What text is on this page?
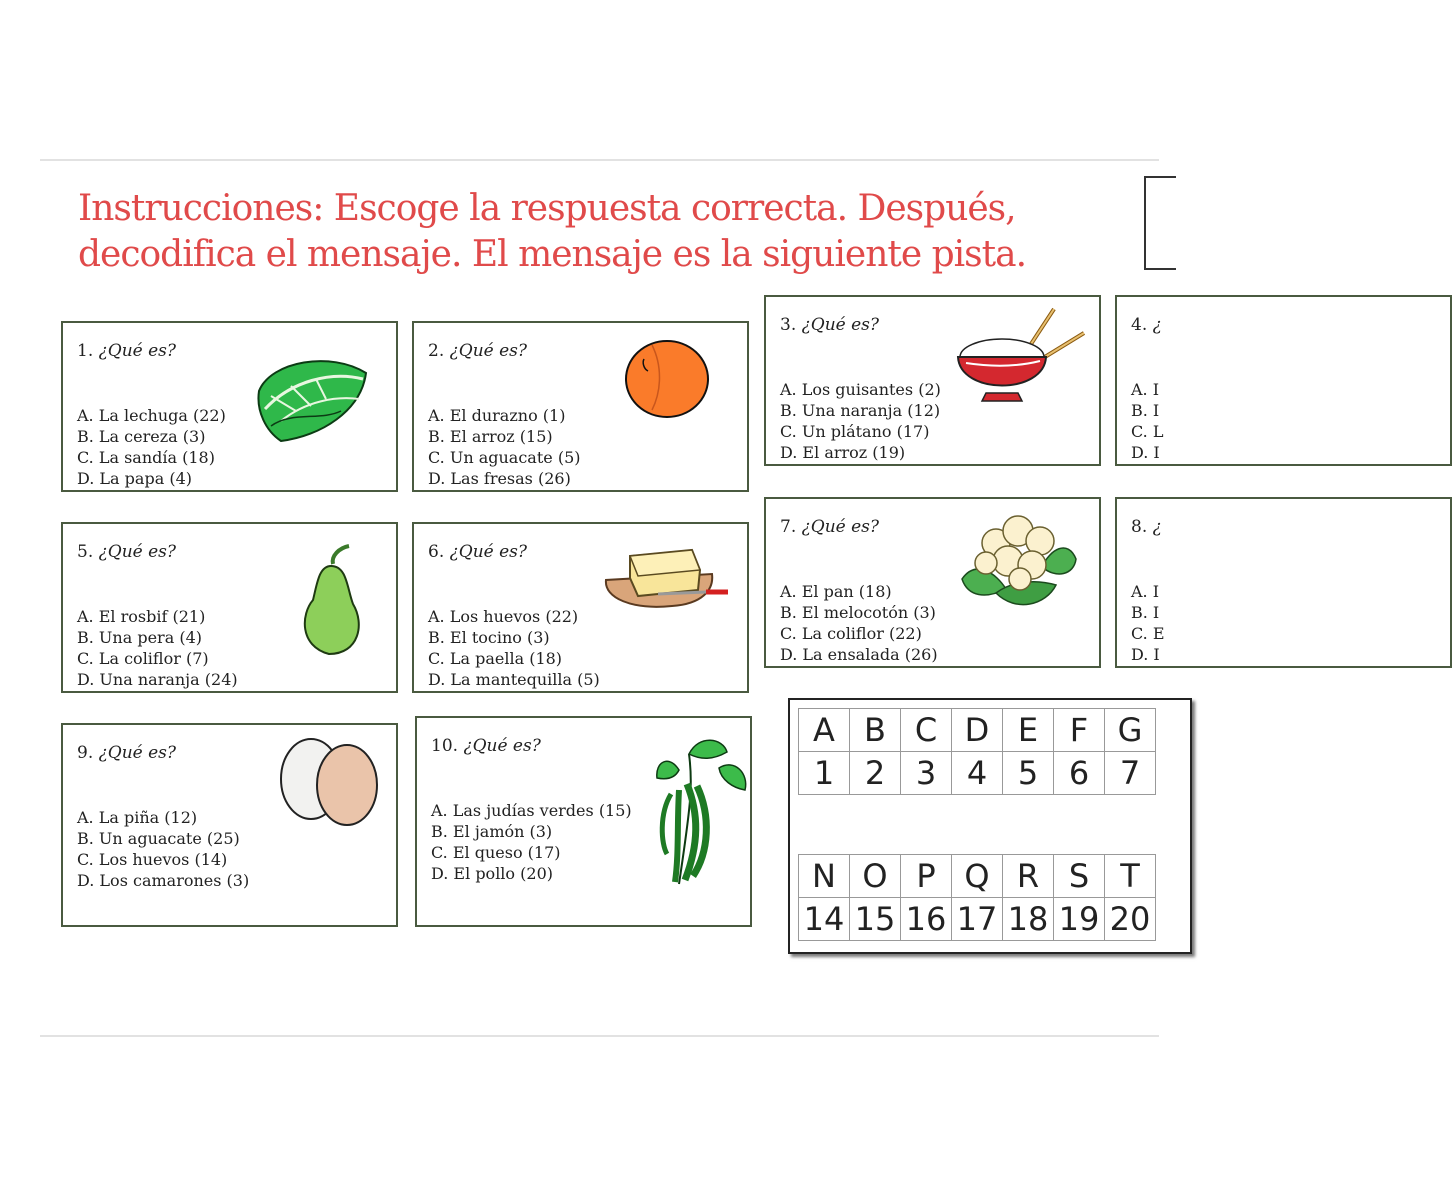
Instrucciones: Escoge la respuesta correcta. Después, decodifica el mensaje. El mensaje es la siguiente pista.

1. ¿Qué es?
A. La lechuga (22)
B. La cereza (3)
C. La sandía (18)
D. La papa (4)
2. ¿Qué es?
A. El durazno (1)
B. El arroz (15)
C. Un aguacate (5)
D. Las fresas (26)
3. ¿Qué es?
A. Los guisantes (2)
B. Una naranja (12)
C. Un plátano (17)
D. El arroz (19)
4. ¿
A. I
B. I
C. L
D. I
5. ¿Qué es?
A. El rosbif (21)
B. Una pera (4)
C. La coliflor (7)
D. Una naranja (24)
6. ¿Qué es?
A. Los huevos (22)
B. El tocino (3)
C. La paella (18)
D. La mantequilla (5)
7. ¿Qué es?
A. El pan (18)
B. El melocotón (3)
C. La coliflor (22)
D. La ensalada (26)
8. ¿
A. I
B. I
C. E
D. I
9. ¿Qué es?
A. La piña (12)
B. Un aguacate (25)
C. Los huevos (14)
D. Los camarones (3)
10. ¿Qué es?
A. Las judías verdes (15)
B. El jamón (3)
C. El queso (17)
D. El pollo (20)
A	B	C	D	E	F	G
1	2	3	4	5	6	7
N	O	P	Q	R	S	T
14	15	16	17	18	19	20
